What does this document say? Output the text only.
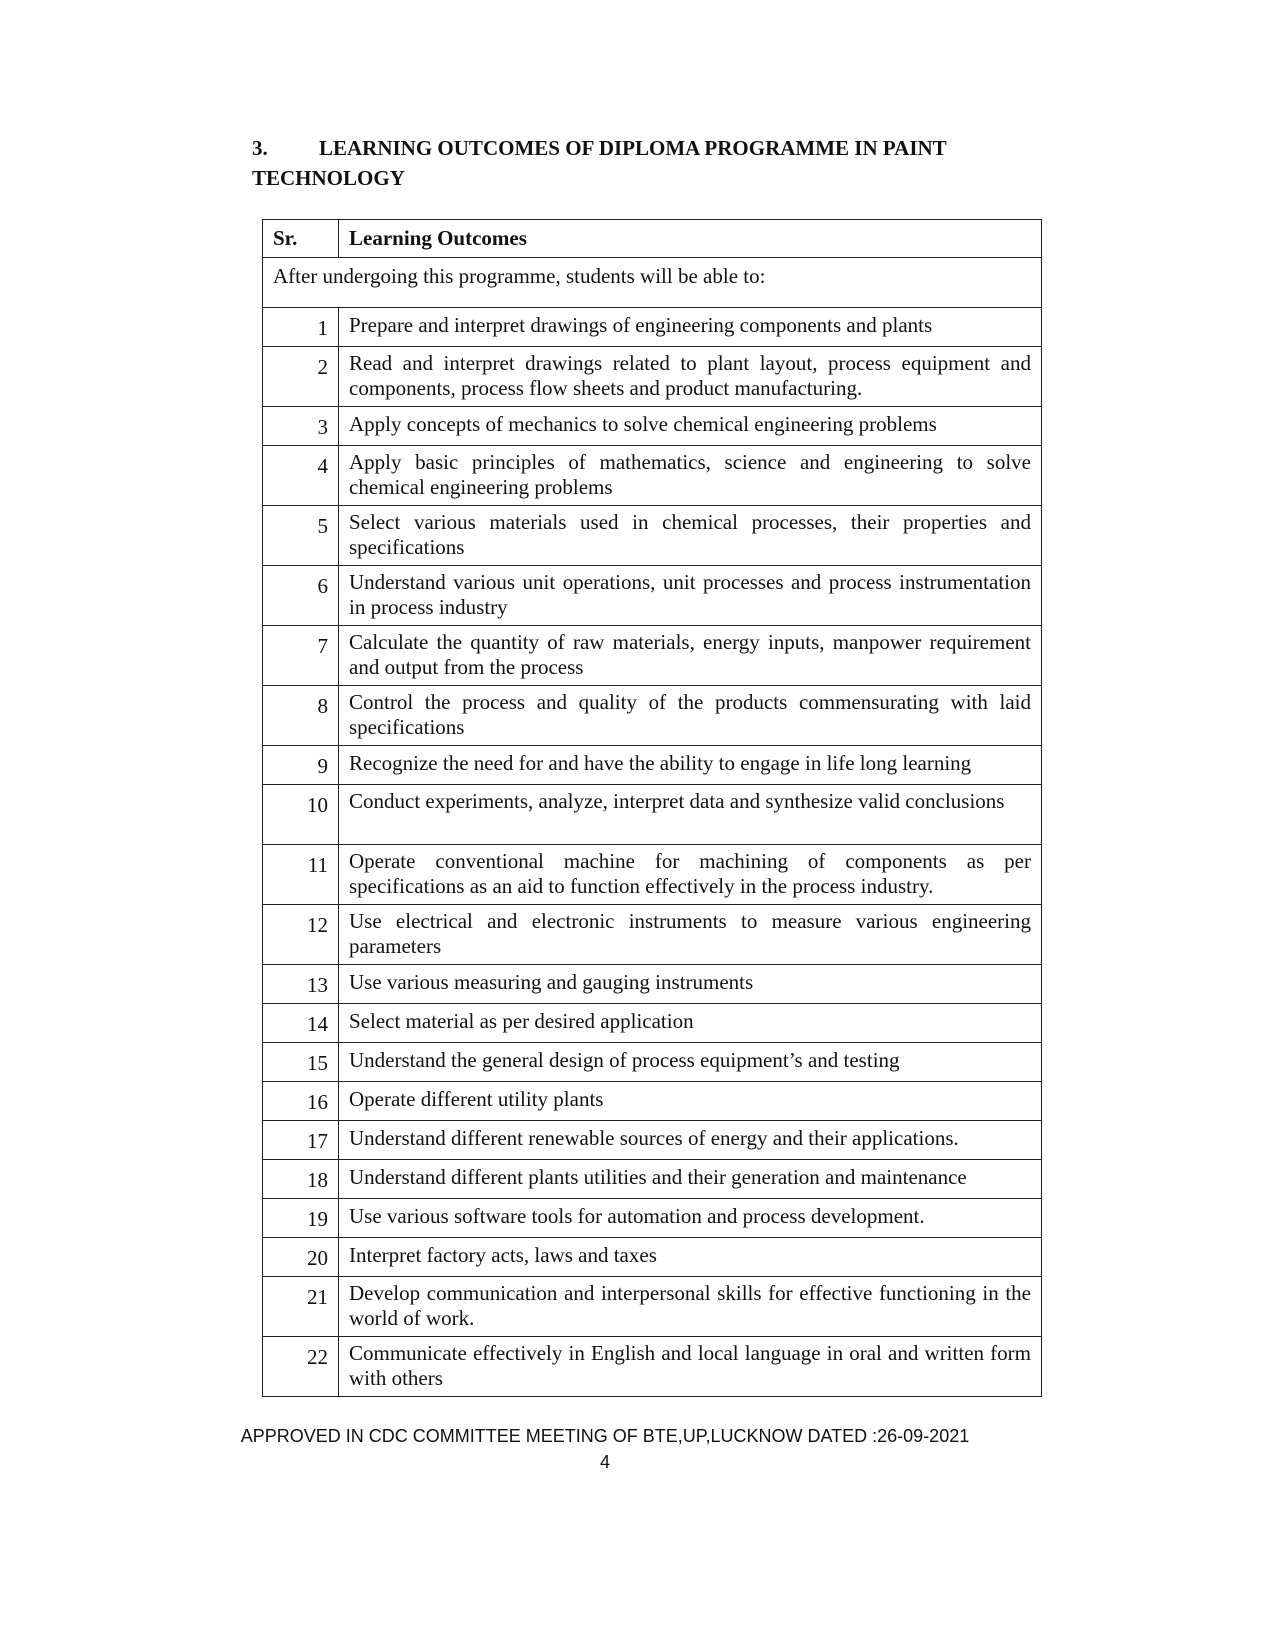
3. LEARNING OUTCOMES OF DIPLOMA PROGRAMME IN PAINT TECHNOLOGY
Sr.	Learning Outcomes
After undergoing this programme, students will be able to:	
1	Prepare and interpret drawings of engineering components and plants
2	Read and interpret drawings related to plant layout, process equipment and components, process flow sheets and product manufacturing.
3	Apply concepts of mechanics to solve chemical engineering problems
4	Apply basic principles of mathematics, science and engineering to solve chemical engineering problems
5	Select various materials used in chemical processes, their properties and specifications
6	Understand various unit operations, unit processes and process instrumentation in process industry
7	Calculate the quantity of raw materials, energy inputs, manpower requirement and output from the process
8	Control the process and quality of the products commensurating with laid specifications
9	Recognize the need for and have the ability to engage in life long learning
10	Conduct experiments, analyze, interpret data and synthesize valid conclusions
11	Operate conventional machine for machining of components as per specifications as an aid to function effectively in the process industry.
12	Use electrical and electronic instruments to measure various engineering parameters
13	Use various measuring and gauging instruments
14	Select material as per desired application
15	Understand the general design of process equipment’s and testing
16	Operate different utility plants
17	Understand different renewable sources of energy and their applications.
18	Understand different plants utilities and their generation and maintenance
19	Use various software tools for automation and process development.
20	Interpret factory acts, laws and taxes
21	Develop communication and interpersonal skills for effective functioning in the world of work.
22	Communicate effectively in English and local language in oral and written form with others
APPROVED IN CDC COMMITTEE MEETING OF BTE,UP,LUCKNOW DATED :26-09-2021
4
